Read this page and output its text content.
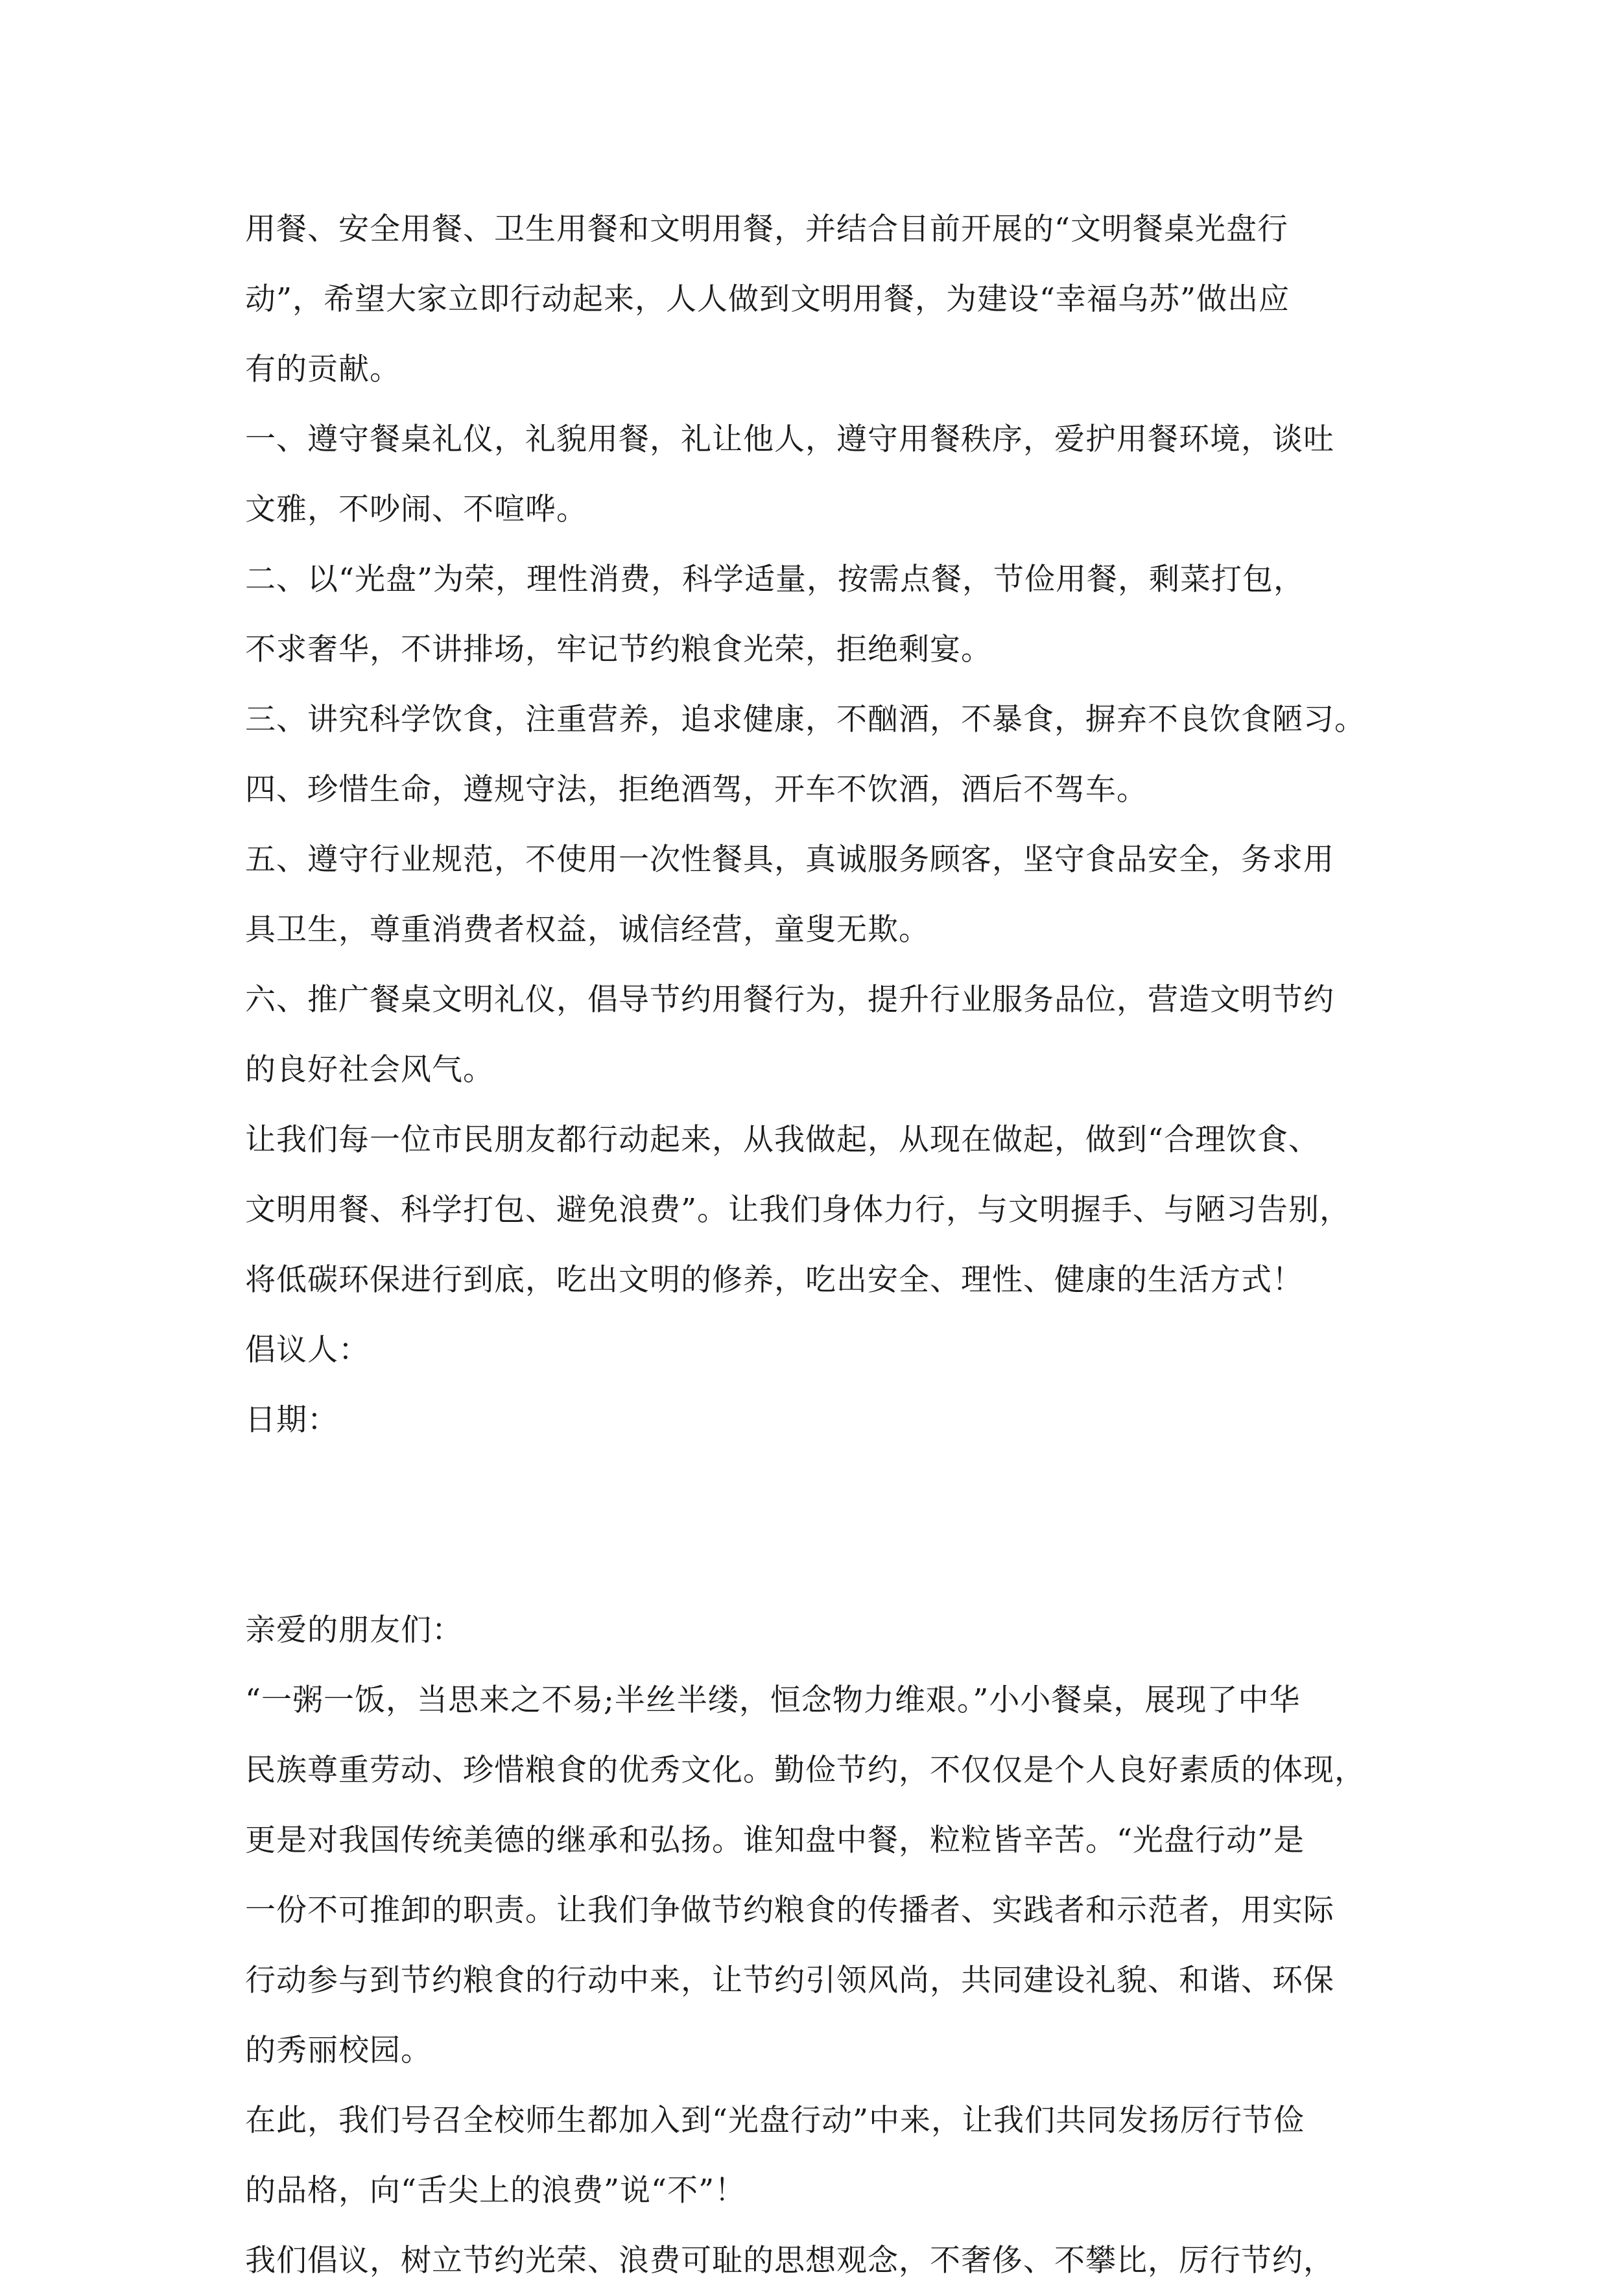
用餐、安全用餐、卫生用餐和文明用餐，并结合目前开展的“文明餐桌光盘行

动”，希望大家立即行动起来，人人做到文明用餐，为建设“幸福乌苏”做出应

有的贡献。

一、遵守餐桌礼仪，礼貌用餐，礼让他人，遵守用餐秩序，爱护用餐环境，谈吐

文雅，不吵闹、不喧哗。

二、以“光盘”为荣，理性消费，科学适量，按需点餐，节俭用餐，剩菜打包，

不求奢华，不讲排场，牢记节约粮食光荣，拒绝剩宴。

三、讲究科学饮食，注重营养，追求健康，不酗酒，不暴食，摒弃不良饮食陋习。

四、珍惜生命，遵规守法，拒绝酒驾，开车不饮酒，酒后不驾车。

五、遵守行业规范，不使用一次性餐具，真诚服务顾客，坚守食品安全，务求用

具卫生，尊重消费者权益，诚信经营，童叟无欺。

六、推广餐桌文明礼仪，倡导节约用餐行为，提升行业服务品位，营造文明节约

的良好社会风气。

让我们每一位市民朋友都行动起来，从我做起，从现在做起，做到“合理饮食、

文明用餐、科学打包、避免浪费”。让我们身体力行，与文明握手、与陋习告别，

将低碳环保进行到底，吃出文明的修养，吃出安全、理性、健康的生活方式！

倡议人：

日期：

亲爱的朋友们：

“一粥一饭，当思来之不易;半丝半缕，恒念物力维艰。”小小餐桌，展现了中华

民族尊重劳动、珍惜粮食的优秀文化。勤俭节约，不仅仅是个人良好素质的体现，

更是对我国传统美德的继承和弘扬。谁知盘中餐，粒粒皆辛苦。“光盘行动”是

一份不可推卸的职责。让我们争做节约粮食的传播者、实践者和示范者，用实际

行动参与到节约粮食的行动中来，让节约引领风尚，共同建设礼貌、和谐、环保

的秀丽校园。

在此，我们号召全校师生都加入到“光盘行动”中来，让我们共同发扬厉行节俭

的品格，向“舌尖上的浪费”说“不”！

我们倡议，树立节约光荣、浪费可耻的思想观念，不奢侈、不攀比，厉行节约，
